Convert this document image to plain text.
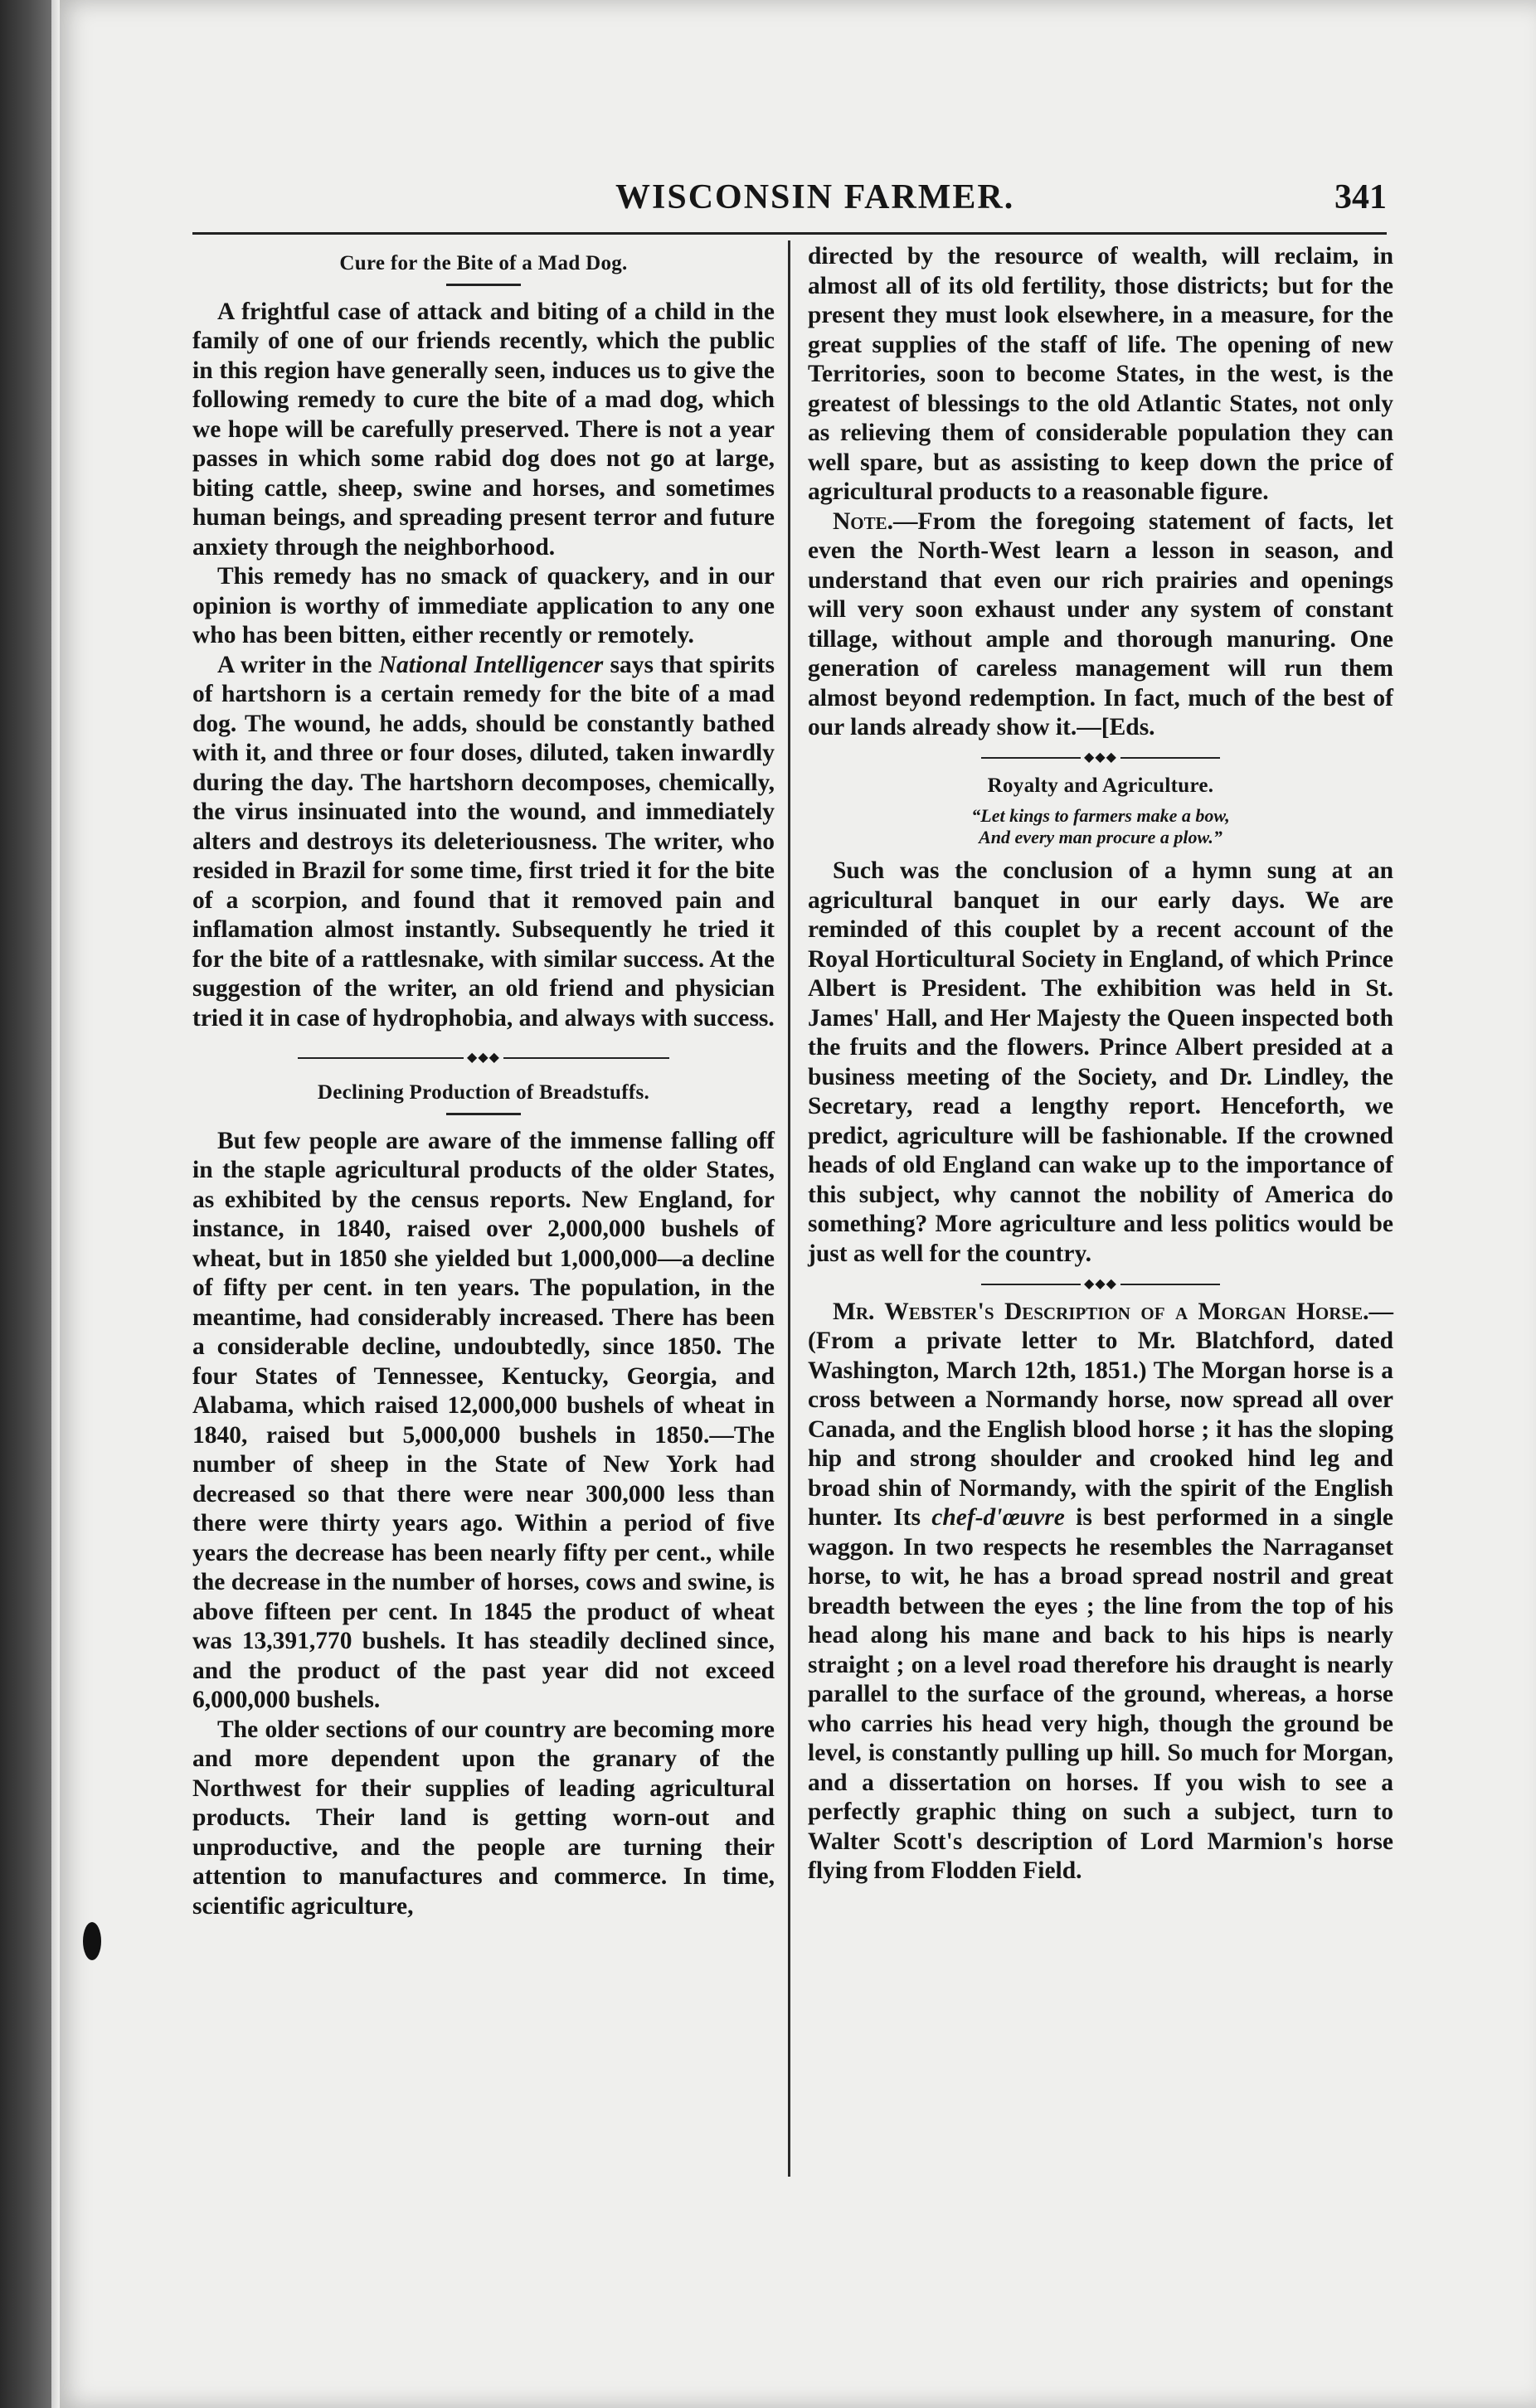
WISCONSIN FARMER.	341
Cure for the Bite of a Mad Dog.

A frightful case of attack and biting of a child in the family of one of our friends recently, which the public in this region have generally seen, induces us to give the following remedy to cure the bite of a mad dog, which we hope will be carefully preserved. There is not a year passes in which some rabid dog does not go at large, biting cattle, sheep, swine and horses, and sometimes human beings, and spreading present terror and future anxiety through the neighborhood.

This remedy has no smack of quackery, and in our opinion is worthy of immediate application to any one who has been bitten, either recently or remotely.

A writer in the National Intelligencer says that spirits of hartshorn is a certain remedy for the bite of a mad dog. The wound, he adds, should be constantly bathed with it, and three or four doses, diluted, taken inwardly during the day. The hartshorn decomposes, chemically, the virus insinuated into the wound, and immediately alters and destroys its deleteriousness. The writer, who resided in Brazil for some time, first tried it for the bite of a scorpion, and found that it removed pain and inflamation almost instantly. Subsequently he tried it for the bite of a rattlesnake, with similar success. At the suggestion of the writer, an old friend and physician tried it in case of hydrophobia, and always with success.

◆◆◆
Declining Production of Breadstuffs.

But few people are aware of the immense falling off in the staple agricultural products of the older States, as exhibited by the census reports. New England, for instance, in 1840, raised over 2,000,000 bushels of wheat, but in 1850 she yielded but 1,000,000—a decline of fifty per cent. in ten years. The population, in the meantime, had considerably increased. There has been a considerable decline, undoubtedly, since 1850. The four States of Tennessee, Kentucky, Georgia, and Alabama, which raised 12,000,000 bushels of wheat in 1840, raised but 5,000,000 bushels in 1850.—The number of sheep in the State of New York had decreased so that there were near 300,000 less than there were thirty years ago. Within a period of five years the decrease has been nearly fifty per cent., while the decrease in the number of horses, cows and swine, is above fifteen per cent. In 1845 the product of wheat was 13,391,770 bushels. It has steadily declined since, and the product of the past year did not exceed 6,000,000 bushels.

The older sections of our country are becoming more and more dependent upon the granary of the Northwest for their supplies of leading agricultural products. Their land is getting worn-out and unproductive, and the people are turning their attention to manufactures and commerce. In time, scientific agriculture,

directed by the resource of wealth, will reclaim, in almost all of its old fertility, those districts; but for the present they must look elsewhere, in a measure, for the great supplies of the staff of life. The opening of new Territories, soon to become States, in the west, is the greatest of blessings to the old Atlantic States, not only as relieving them of considerable population they can well spare, but as assisting to keep down the price of agricultural products to a reasonable figure.

Note.—From the foregoing statement of facts, let even the North-West learn a lesson in season, and understand that even our rich prairies and openings will very soon exhaust under any system of constant tillage, without ample and thorough manuring. One generation of careless management will run them almost beyond redemption. In fact, much of the best of our lands already show it.—[Eds.

◆◆◆
Royalty and Agriculture.
“Let kings to farmers make a bow,
And every man procure a plow.”

Such was the conclusion of a hymn sung at an agricultural banquet in our early days. We are reminded of this couplet by a recent account of the Royal Horticultural Society in England, of which Prince Albert is President. The exhibition was held in St. James' Hall, and Her Majesty the Queen inspected both the fruits and the flowers. Prince Albert presided at a business meeting of the Society, and Dr. Lindley, the Secretary, read a lengthy report. Henceforth, we predict, agriculture will be fashionable. If the crowned heads of old England can wake up to the importance of this subject, why cannot the nobility of America do something? More agriculture and less politics would be just as well for the country.

◆◆◆

Mr. Webster's Description of a Morgan Horse.—(From a private letter to Mr. Blatchford, dated Washington, March 12th, 1851.) The Morgan horse is a cross between a Normandy horse, now spread all over Canada, and the English blood horse ; it has the sloping hip and strong shoulder and crooked hind leg and broad shin of Normandy, with the spirit of the English hunter. Its chef-d'œuvre is best performed in a single waggon. In two respects he resembles the Narraganset horse, to wit, he has a broad spread nostril and great breadth between the eyes ; the line from the top of his head along his mane and back to his hips is nearly straight ; on a level road therefore his draught is nearly parallel to the surface of the ground, whereas, a horse who carries his head very high, though the ground be level, is constantly pulling up hill. So much for Morgan, and a dissertation on horses. If you wish to see a perfectly graphic thing on such a subject, turn to Walter Scott's description of Lord Marmion's horse flying from Flodden Field.
